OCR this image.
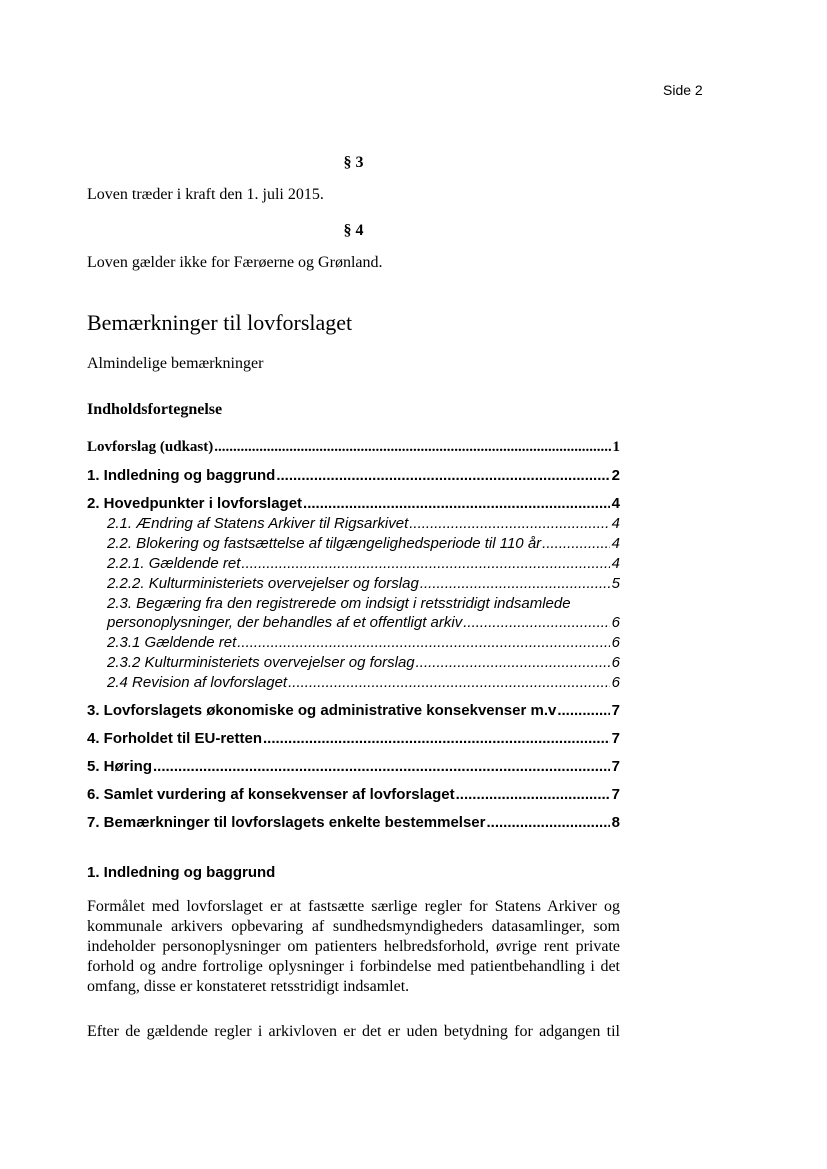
Side 2

§ 3

Loven træder i kraft den 1. juli 2015.

§ 4

Loven gælder ikke for Færøerne og Grønland.

Bemærkninger til lovforslaget

Almindelige bemærkninger

Indholdsfortegnelse
Lovforslag (udkast) .....	1
1. Indledning og baggrund .....	2
2. Hovedpunkter i lovforslaget .....	4
2.1. Ændring af Statens Arkiver til Rigsarkivet .....	4
2.2. Blokering og fastsættelse af tilgængelighedsperiode til 110 år .....	4
2.2.1. Gældende ret .....	4
2.2.2. Kulturministeriets overvejelser og forslag .....	5
2.3. Begæring fra den registrerede om indsigt i retsstridigt indsamlede
personoplysninger, der behandles af et offentligt arkiv .....	6
2.3.1 Gældende ret .....	6
2.3.2 Kulturministeriets overvejelser og forslag .....	6
2.4 Revision af lovforslaget .....	6
3. Lovforslagets økonomiske og administrative konsekvenser m.v .....	7
4. Forholdet til EU-retten .....	7
5. Høring .....	7
6. Samlet vurdering af konsekvenser af lovforslaget .....	7
7. Bemærkninger til lovforslagets enkelte bestemmelser .....	8
1. Indledning og baggrund

Formålet med lovforslaget er at fastsætte særlige regler for Statens Arkiver og kommunale arkivers opbevaring af sundhedsmyndigheders datasamlinger, som indeholder personoplysninger om patienters helbredsforhold, øvrige rent private forhold og andre fortrolige oplysninger i forbindelse med patientbehandling i det omfang, disse er konstateret retsstridigt indsamlet.

Efter de gældende regler i arkivloven er det er uden betydning for adgangen til
